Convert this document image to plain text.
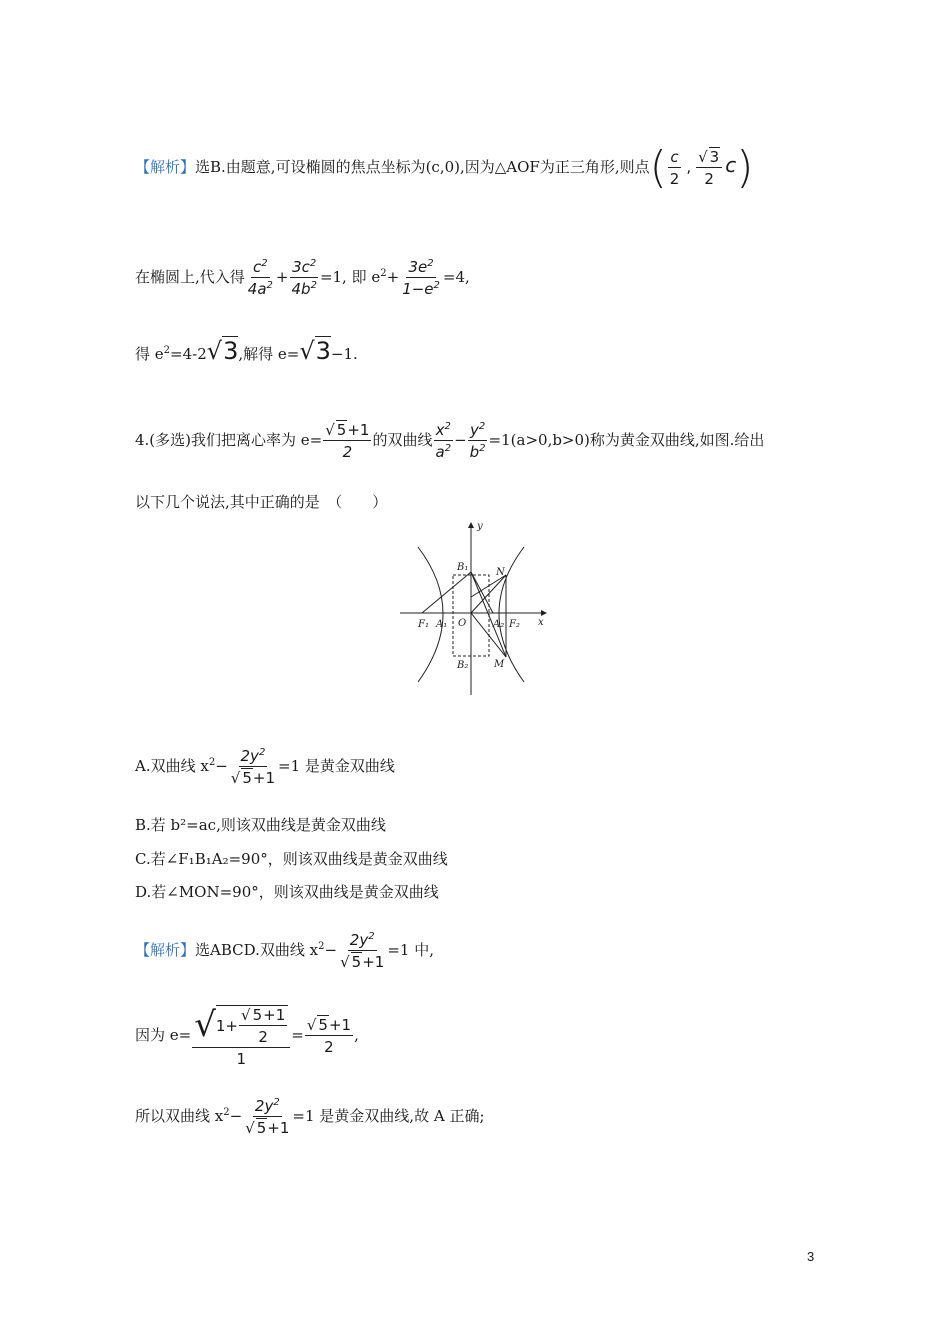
【解析】选B.由题意,可设椭圆的焦点坐标为(c,0),因为△AOF为正三角形,则点( $\frac{c}{2}$ , $\frac{√ 3}{2} c$)
在椭圆上,代入得 $\frac{c^2}{4a^2} + \frac{3c^2}{4b^2} =1$, 即 $e^2+ \frac{3e^2}{1-e^2} =4$,
得 $e^2=4-2√3$,解得 e=√3−1.
4.(多选)我们把离心率为 $e= \frac{√ 5+1}{2}$ 的双曲线 $\frac{x^2}{a^2} - \frac{y^2}{b^2} =1(a>0,b>0)$称为黄金双曲线,如图.给出
以下几个说法,其中正确的是　（　　）
y
x
O
B₁
B₂
N
M
F₁ A₁	A₂ F₂
A.双曲线 $x^2- \frac{2y^2}{√ 5+1} =1$ 是黄金双曲线
B.若 b²=ac,则该双曲线是黄金双曲线
C.若∠F₁B₁A₂=90°，则该双曲线是黄金双曲线
D.若∠MON=90°，则该双曲线是黄金双曲线
【解析】选ABCD.双曲线 $x^2- \frac{2y^2}{√ 5+1} =1$ 中,
因为 $e= \frac{√ 1+ \frac{√ 5+1}{2}}{1} = \frac{√ 5+1}{2}$ ,
所以双曲线 $x^2- \frac{2y^2}{√ 5+1} =1$ 是黄金双曲线,故 A 正确;
3
